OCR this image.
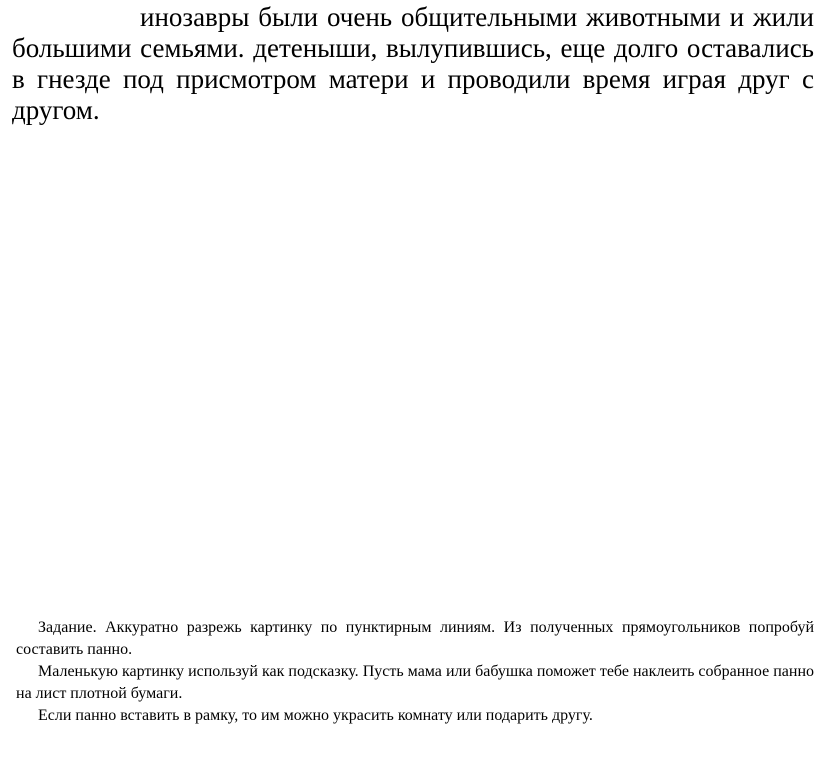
инозавры были очень общительными животными и жили большими семьями. детеныши, вылупившись, еще долго оставались в гнезде под присмотром матери и проводили время играя друг с другом.

Задание. Аккуратно разрежь картинку по пунктирным линиям. Из полученных прямоугольников попробуй составить панно.

Маленькую картинку используй как подсказку. Пусть мама или бабушка поможет тебе наклеить собранное панно на лист плотной бумаги.

Если панно вставить в рамку, то им можно украсить комнату или подарить другу.
